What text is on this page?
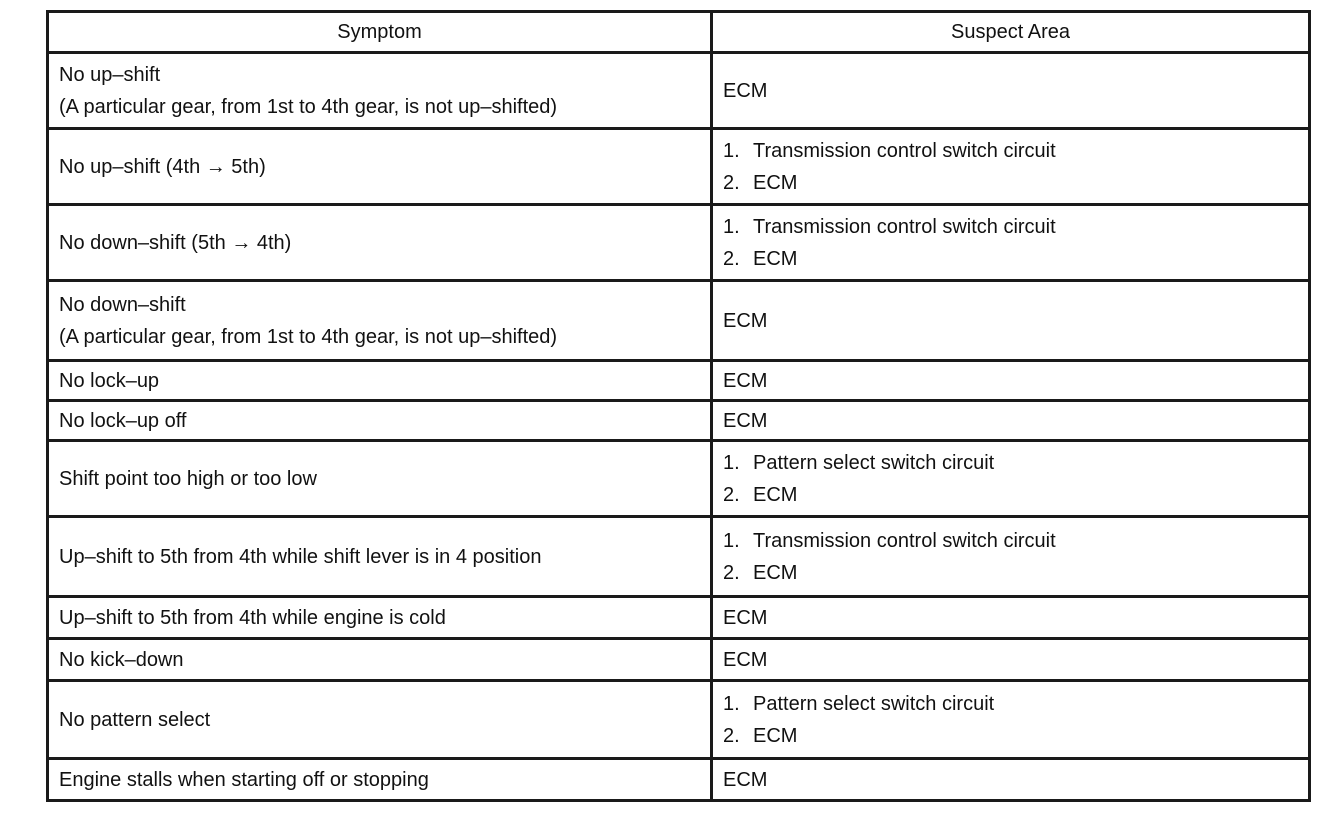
Symptom	Suspect Area

No up–shift
(A particular gear, from 1st to 4th gear, is not up–shifted)	ECM

No up–shift (4th → 5th)	1. Transmission control switch circuit
2. ECM

No down–shift (5th → 4th)	1. Transmission control switch circuit
2. ECM

No down–shift
(A particular gear, from 1st to 4th gear, is not up–shifted)	ECM

No lock–up	ECM

No lock–up off	ECM

Shift point too high or too low	1. Pattern select switch circuit
2. ECM

Up–shift to 5th from 4th while shift lever is in 4 position	1. Transmission control switch circuit
2. ECM

Up–shift to 5th from 4th while engine is cold	ECM

No kick–down	ECM

No pattern select	1. Pattern select switch circuit
2. ECM

Engine stalls when starting off or stopping	ECM
